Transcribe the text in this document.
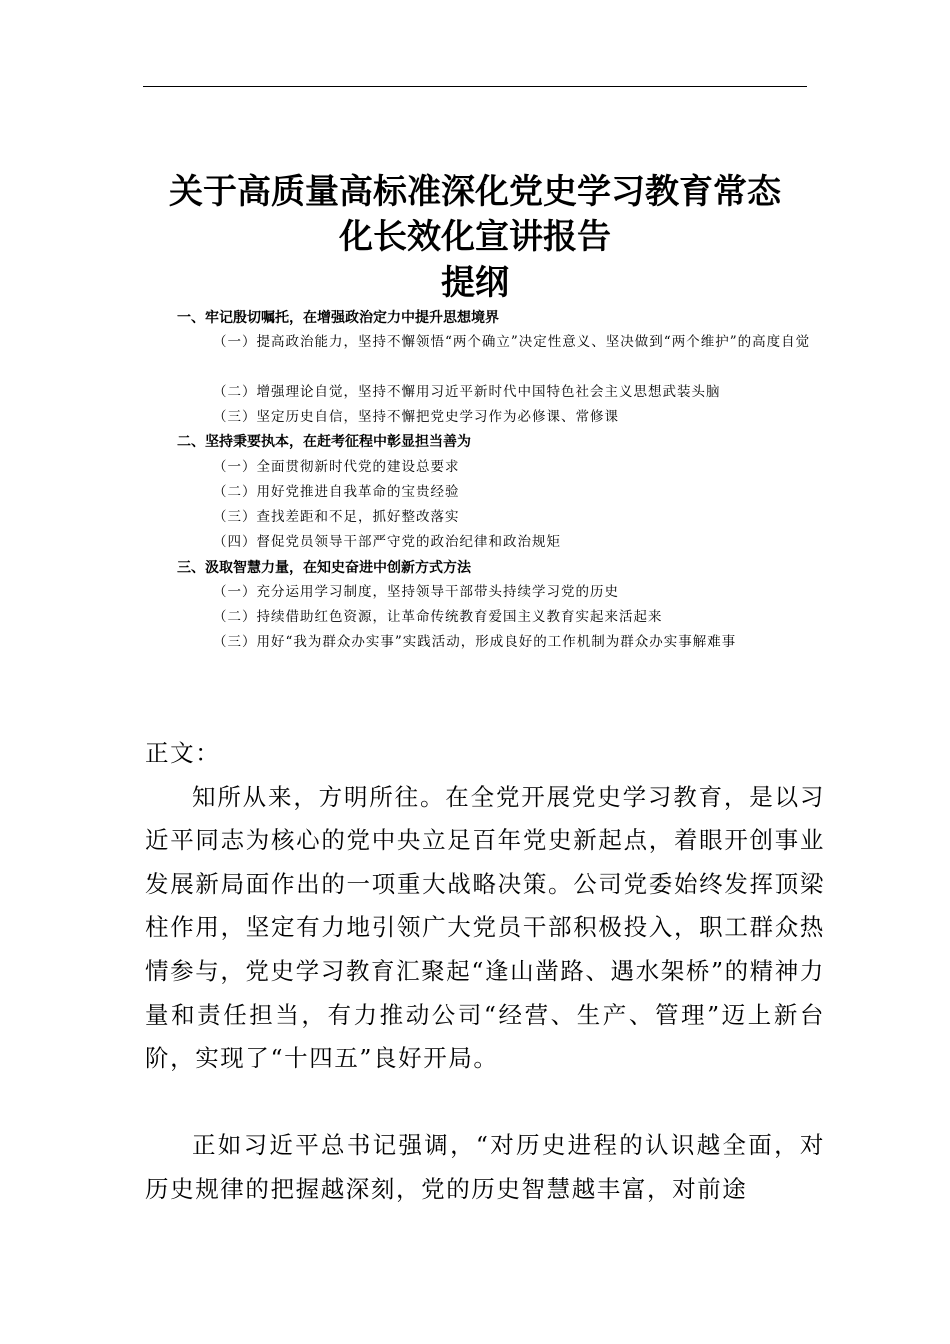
关于高质量高标准深化党史学习教育常态
化长效化宣讲报告
提纲
一、牢记殷切嘱托，在增强政治定力中提升思想境界
（一）提高政治能力，坚持不懈领悟“两个确立”决定性意义、坚决做到“两个维护”的高度自觉
（二）增强理论自觉，坚持不懈用习近平新时代中国特色社会主义思想武装头脑
（三）坚定历史自信，坚持不懈把党史学习作为必修课、常修课
二、坚持秉要执本，在赶考征程中彰显担当善为
（一）全面贯彻新时代党的建设总要求
（二）用好党推进自我革命的宝贵经验
（三）查找差距和不足，抓好整改落实
（四）督促党员领导干部严守党的政治纪律和政治规矩
三、汲取智慧力量，在知史奋进中创新方式方法
（一）充分运用学习制度，坚持领导干部带头持续学习党的历史
（二）持续借助红色资源，让革命传统教育爱国主义教育实起来活起来
（三）用好“我为群众办实事”实践活动，形成良好的工作机制为群众办实事解难事
正文：

知所从来，方明所往。在全党开展党史学习教育，是以习近平同志为核心的党中央立足百年党史新起点，着眼开创事业发展新局面作出的一项重大战略决策。公司党委始终发挥顶梁柱作用，坚定有力地引领广大党员干部积极投入，职工群众热情参与，党史学习教育汇聚起“逢山凿路、遇水架桥”的精神力量和责任担当，有力推动公司“经营、生产、管理”迈上新台阶，实现了“十四五”良好开局。

正如习近平总书记强调，“对历史进程的认识越全面，对历史规律的把握越深刻，党的历史智慧越丰富，对前途
